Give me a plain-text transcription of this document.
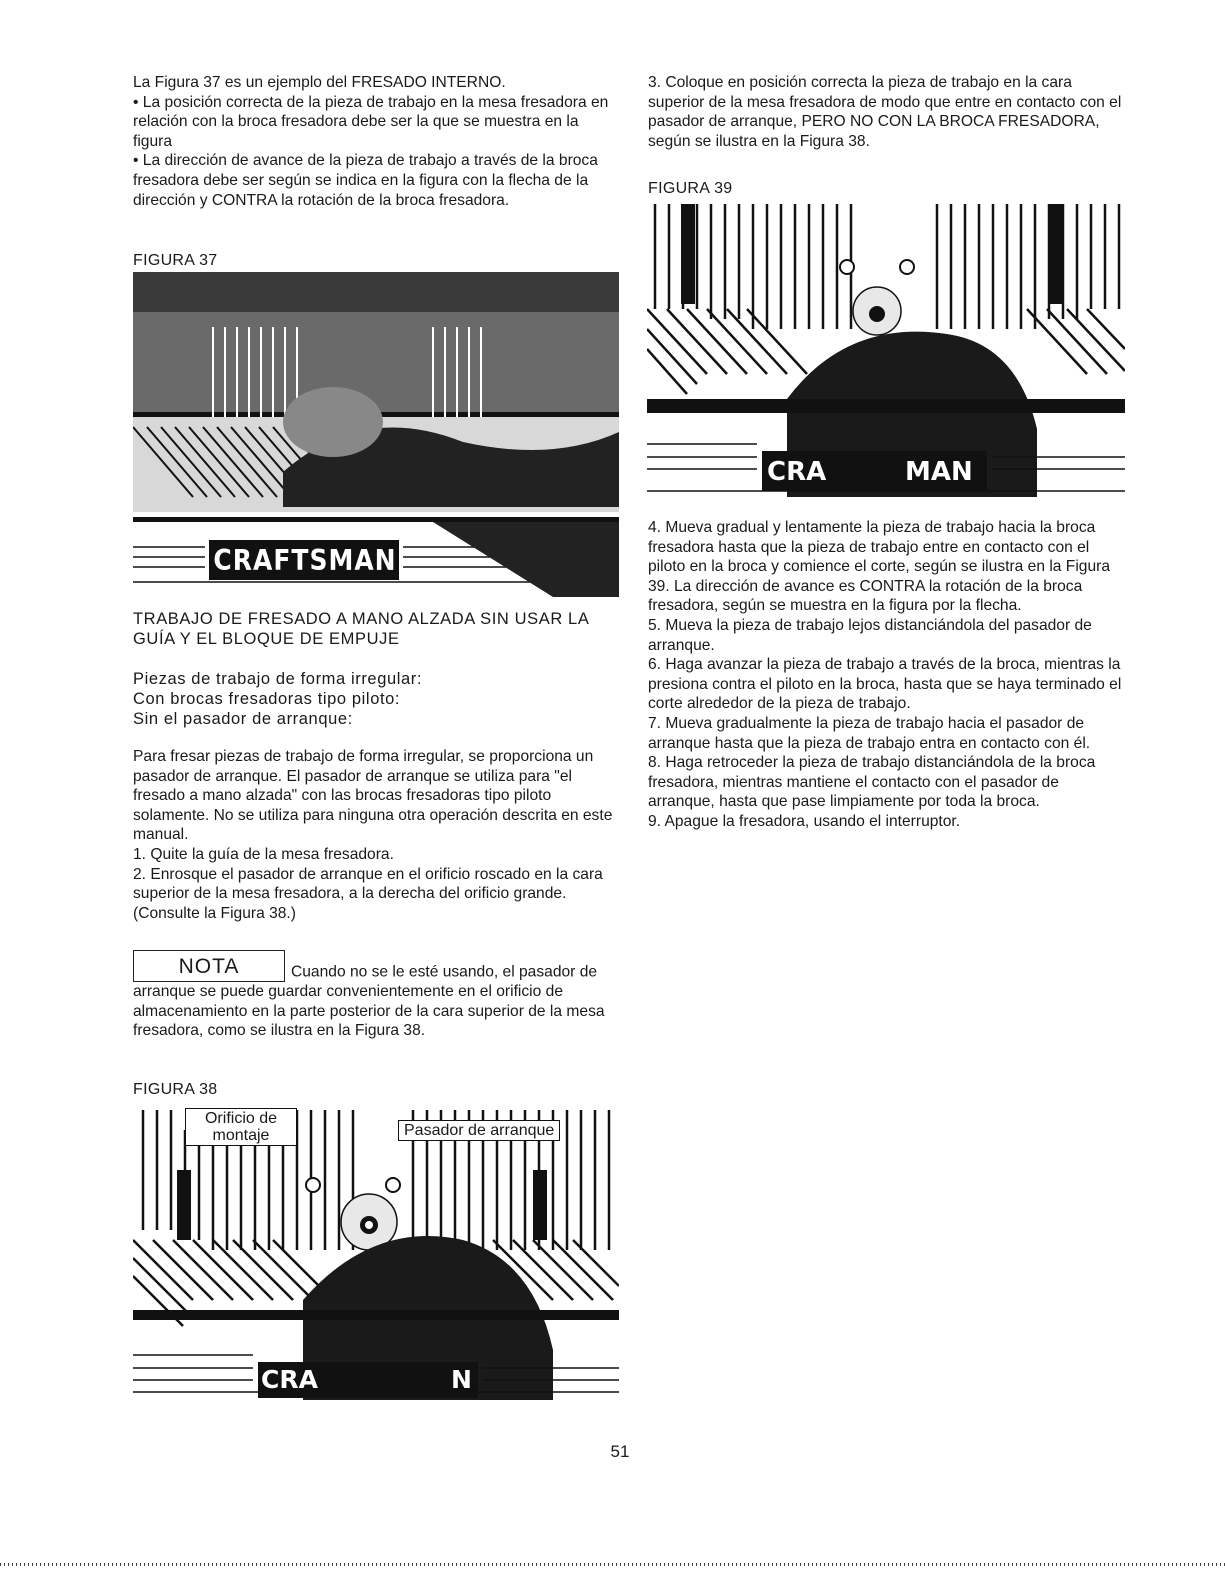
La Figura 37 es un ejemplo del FRESADO INTERNO.

• La posición correcta de la pieza de trabajo en la mesa fresadora en relación con la broca fresadora debe ser la que se muestra en la figura

• La dirección de avance de la pieza de trabajo a través de la broca fresadora debe ser según se indica en la figura con la flecha de la dirección y CONTRA la rotación de la broca fresadora.

FIGURA 37
CRAFTSMAN
TRABAJO DE FRESADO A MANO ALZADA SIN USAR LA GUÍA Y EL BLOQUE DE EMPUJE

Piezas de trabajo de forma irregular:

Con brocas fresadoras tipo piloto:

Sin el pasador de arranque:

Para fresar piezas de trabajo de forma irregular, se proporciona un pasador de arranque. El pasador de arranque se utiliza para "el fresado a mano alzada" con las brocas fresadoras tipo piloto solamente. No se utiliza para ninguna otra operación descrita en este manual.

1. Quite la guía de la mesa fresadora.

2. Enrosque el pasador de arranque en el orificio roscado en la cara superior de la mesa fresadora, a la derecha del orificio grande. (Consulte la Figura 38.)

NOTA	Cuando no se le esté usando, el pasador de arranque se puede guardar convenientemente en el orificio de almacenamiento en la parte posterior de la cara superior de la mesa fresadora, como se ilustra en la Figura 38.
FIGURA 38
CRA	N
Orificio de montaje	Pasador de arranque
3. Coloque en posición correcta la pieza de trabajo en la cara superior de la mesa fresadora de modo que entre en contacto con el pasador de arranque, PERO NO CON LA BROCA FRESADORA, según se ilustra en la Figura 38.
FIGURA 39
CRA	MAN

4. Mueva gradual y lentamente la pieza de trabajo hacia la broca fresadora hasta que la pieza de trabajo entre en contacto con el piloto en la broca y comience el corte, según se ilustra en la Figura 39. La dirección de avance es CONTRA la rotación de la broca fresadora, según se muestra en la figura por la flecha.

5. Mueva la pieza de trabajo lejos distanciándola del pasador de arranque.

6. Haga avanzar la pieza de trabajo a través de la broca, mientras la presiona contra el piloto en la broca, hasta que se haya terminado el corte alrededor de la pieza de trabajo.

7. Mueva gradualmente la pieza de trabajo hacia el pasador de arranque hasta que la pieza de trabajo entra en contacto con él.

8. Haga retroceder la pieza de trabajo distanciándola de la broca fresadora, mientras mantiene el contacto con el pasador de arranque, hasta que pase limpiamente por toda la broca.

9. Apague la fresadora, usando el interruptor.

51
